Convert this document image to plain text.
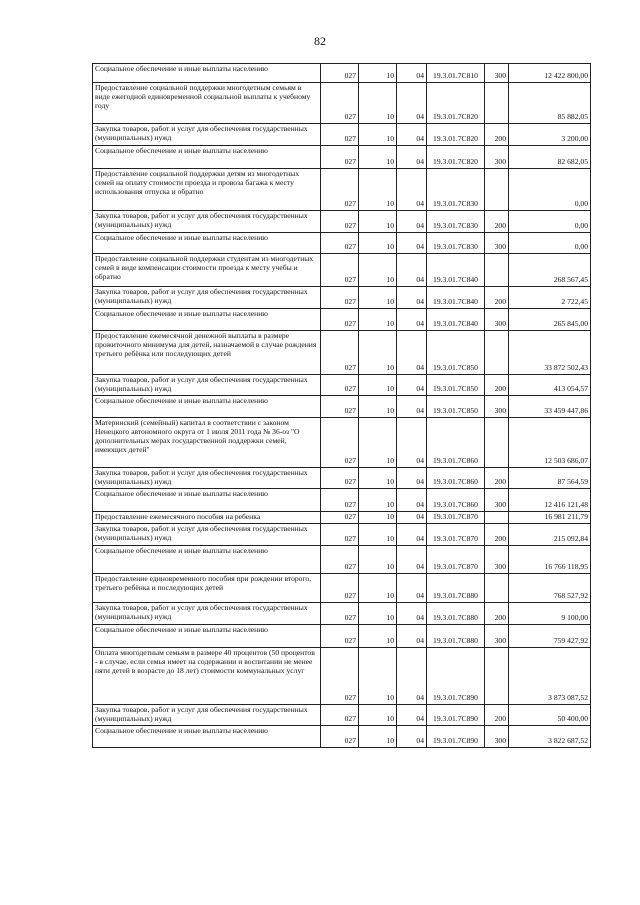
82
Социальное обеспечение и иные выплаты населению	027	10	04	19.3.01.7С810	300	12 422 800,00
Предоставление социальной поддержки многодетным семьям в виде ежегодной единовременной социальной выплаты к учебному году	027	10	04	19.3.01.7С820		85 882,05
Закупка товаров, работ и услуг для обеспечения государственных (муниципальных) нужд	027	10	04	19.3.01.7С820	200	3 200,00
Социальное обеспечение и иные выплаты населению	027	10	04	19.3.01.7С820	300	82 682,05
Предоставление социальной поддержки детям из многодетных семей на оплату стоимости проезда и провоза багажа к месту использования отпуска и обратно	027	10	04	19.3.01.7С830		0,00
Закупка товаров, работ и услуг для обеспечения государственных (муниципальных) нужд	027	10	04	19.3.01.7С830	200	0,00
Социальное обеспечение и иные выплаты населению	027	10	04	19.3.01.7С830	300	0,00
Предоставление социальной поддержки студентам из многодетных семей в виде компенсации стоимости проезда к месту учебы и обратно	027	10	04	19.3.01.7С840		268 567,45
Закупка товаров, работ и услуг для обеспечения государственных (муниципальных) нужд	027	10	04	19.3.01.7С840	200	2 722,45
Социальное обеспечение и иные выплаты населению	027	10	04	19.3.01.7С840	300	265 845,00
Предоставление ежемесячной денежной выплаты в размере прожиточного минимума для детей, назначаемой в случае рождения третьего ребёнка или последующих детей	027	10	04	19.3.01.7С850		33 872 502,43
Закупка товаров, работ и услуг для обеспечения государственных (муниципальных) нужд	027	10	04	19.3.01.7С850	200	413 054,57
Социальное обеспечение и иные выплаты населению	027	10	04	19.3.01.7С850	300	33 459 447,86
Материнский (семейный) капитал в соответствии с законом Ненецкого автономного округа от 1 июля 2011 года № 36-оз "О дополнительных мерах государственной поддержки семей, имеющих детей"	027	10	04	19.3.01.7С860		12 503 686,07
Закупка товаров, работ и услуг для обеспечения государственных (муниципальных) нужд	027	10	04	19.3.01.7С860	200	87 564,59
Социальное обеспечение и иные выплаты населению	027	10	04	19.3.01.7С860	300	12 416 121,48
Предоставление ежемесячного пособия на ребенка	027	10	04	19.3.01.7С870		16 981 211,79
Закупка товаров, работ и услуг для обеспечения государственных (муниципальных) нужд	027	10	04	19.3.01.7С870	200	215 092,84
Социальное обеспечение и иные выплаты населению	027	10	04	19.3.01.7С870	300	16 766 118,95
Предоставление единовременного пособия при рождении второго, третьего ребёнка и последующих детей	027	10	04	19.3.01.7С880		768 527,92
Закупка товаров, работ и услуг для обеспечения государственных (муниципальных) нужд	027	10	04	19.3.01.7С880	200	9 100,00
Социальное обеспечение и иные выплаты населению	027	10	04	19.3.01.7С880	300	759 427,92
Оплата многодетным семьям в размере 40 процентов (50 процентов - в случае, если семья имеет на содержании и воспитании не менее пяти детей в возрасте до 18 лет) стоимости коммунальных услуг	027	10	04	19.3.01.7С890		3 873 087,52
Закупка товаров, работ и услуг для обеспечения государственных (муниципальных) нужд	027	10	04	19.3.01.7С890	200	50 400,00
Социальное обеспечение и иные выплаты населению	027	10	04	19.3.01.7С890	300	3 822 687,52
